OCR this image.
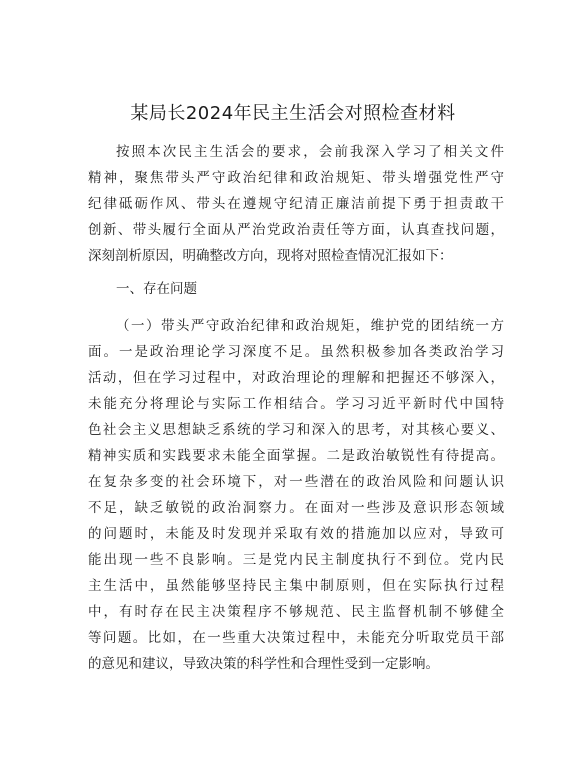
某局长2024年民主生活会对照检查材料
按照本次民主生活会的要求，会前我深入学习了相关文件
精神，聚焦带头严守政治纪律和政治规矩、带头增强党性严守
纪律砥砺作风、带头在遵规守纪清正廉洁前提下勇于担责敢干
创新、带头履行全面从严治党政治责任等方面，认真查找问题，
深刻剖析原因，明确整改方向，现将对照检查情况汇报如下：

一、存在问题

（一）带头严守政治纪律和政治规矩，维护党的团结统一方
面。一是政治理论学习深度不足。虽然积极参加各类政治学习
活动，但在学习过程中，对政治理论的理解和把握还不够深入，
未能充分将理论与实际工作相结合。学习习近平新时代中国特
色社会主义思想缺乏系统的学习和深入的思考，对其核心要义、
精神实质和实践要求未能全面掌握。二是政治敏锐性有待提高。
在复杂多变的社会环境下，对一些潜在的政治风险和问题认识
不足，缺乏敏锐的政治洞察力。在面对一些涉及意识形态领域
的问题时，未能及时发现并采取有效的措施加以应对，导致可
能出现一些不良影响。三是党内民主制度执行不到位。党内民
主生活中，虽然能够坚持民主集中制原则，但在实际执行过程
中，有时存在民主决策程序不够规范、民主监督机制不够健全
等问题。比如，在一些重大决策过程中，未能充分听取党员干部
的意见和建议，导致决策的科学性和合理性受到一定影响。
